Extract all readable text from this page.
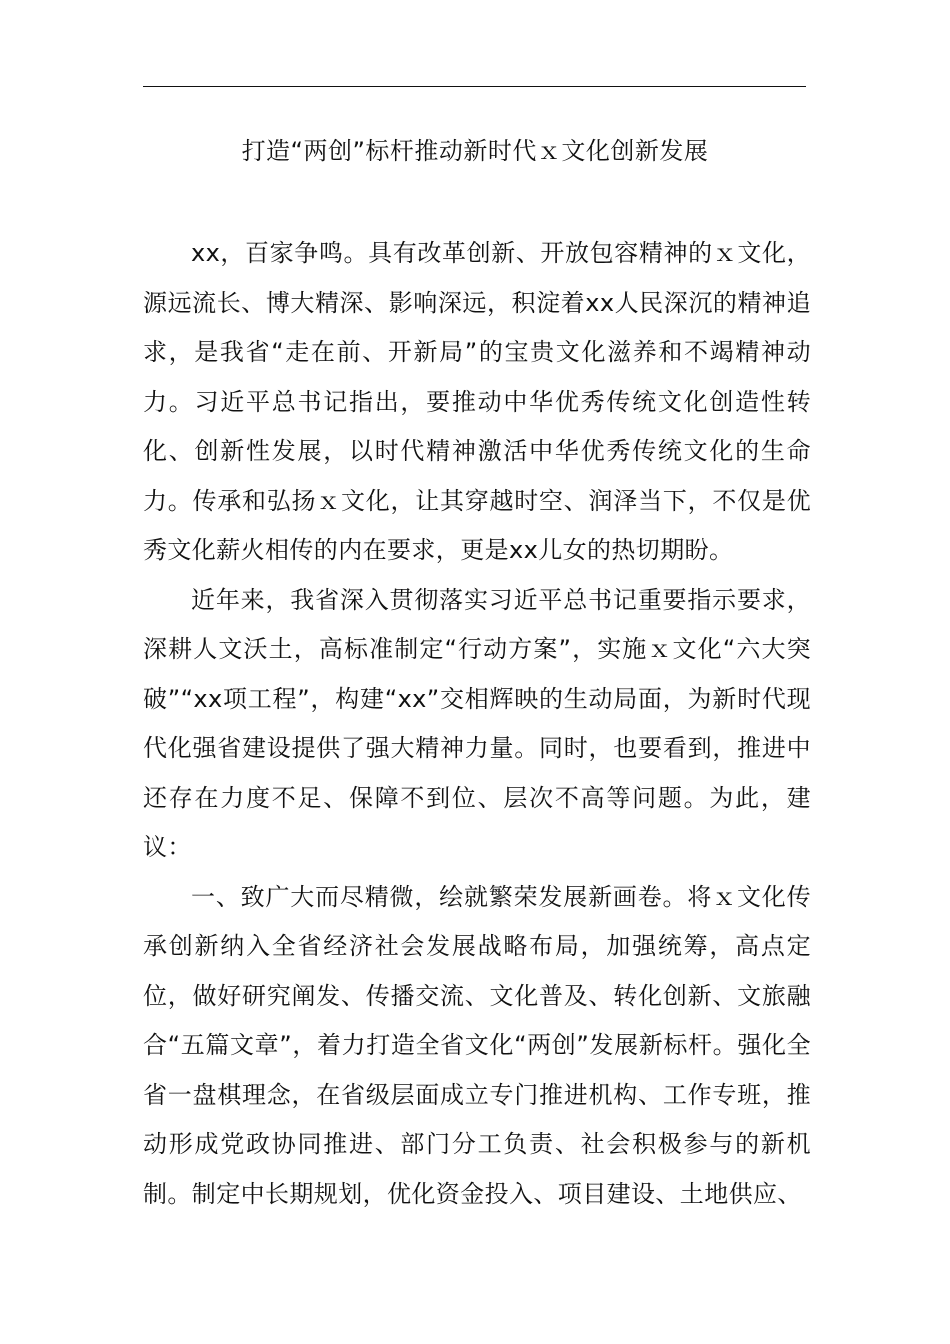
打造“两创”标杆推动新时代ｘ文化创新发展

xx，百家争鸣。具有改革创新、开放包容精神的ｘ文化，源远流长、博大精深、影响深远，积淀着xx人民深沉的精神追求，是我省“走在前、开新局”的宝贵文化滋养和不竭精神动力。习近平总书记指出，要推动中华优秀传统文化创造性转化、创新性发展，以时代精神激活中华优秀传统文化的生命力。传承和弘扬ｘ文化，让其穿越时空、润泽当下，不仅是优秀文化薪火相传的内在要求，更是xx儿女的热切期盼。

近年来，我省深入贯彻落实习近平总书记重要指示要求，深耕人文沃土，高标准制定“行动方案”，实施ｘ文化“六大突破”“xx项工程”，构建“xx”交相辉映的生动局面，为新时代现代化强省建设提供了强大精神力量。同时，也要看到，推进中还存在力度不足、保障不到位、层次不高等问题。为此，建议：

一、致广大而尽精微，绘就繁荣发展新画卷。将ｘ文化传承创新纳入全省经济社会发展战略布局，加强统筹，高点定位，做好研究阐发、传播交流、文化普及、转化创新、文旅融合“五篇文章”，着力打造全省文化“两创”发展新标杆。强化全省一盘棋理念，在省级层面成立专门推进机构、工作专班，推动形成党政协同推进、部门分工负责、社会积极参与的新机制。制定中长期规划，优化资金投入、项目建设、土地供应、
